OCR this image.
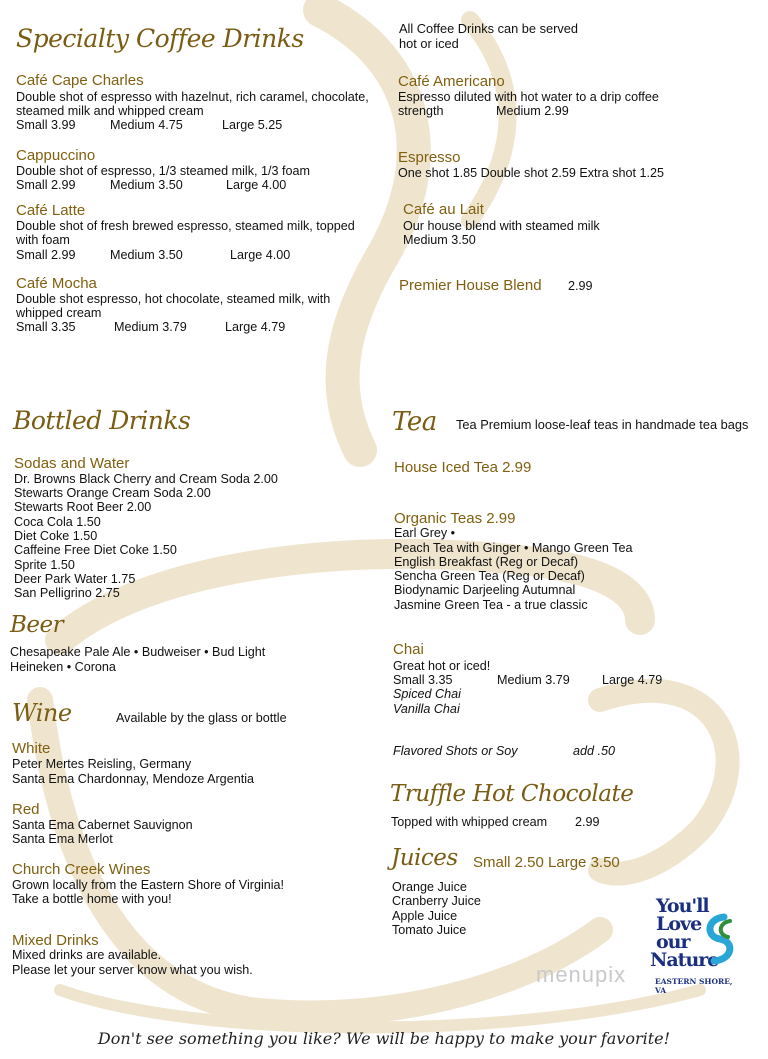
Specialty Coffee Drinks	All Coffee Drinks can be served
hot or iced
Café Cape Charles
Double shot of espresso with hazelnut, rich caramel, chocolate,
steamed milk and whipped cream
Small 3.99	Medium 4.75	Large 5.25
Cappuccino
Double shot of espresso, 1/3 steamed milk, 1/3 foam
Small 2.99	Medium 3.50	Large 4.00
Café Latte
Double shot of fresh brewed espresso, steamed milk, topped
with foam
Small 2.99	Medium 3.50	Large 4.00
Café Mocha
Double shot espresso, hot chocolate, steamed milk, with
whipped cream
Small 3.35	Medium 3.79	Large 4.79
Café Americano
Espresso diluted with hot water to a drip coffee
strength	Medium 2.99
Espresso
One shot 1.85 Double shot 2.59 Extra shot 1.25
Café au Lait
Our house blend with steamed milk
Medium 3.50
Premier House Blend 2.99
Bottled Drinks
Sodas and Water
Dr. Browns Black Cherry and Cream Soda 2.00
Stewarts Orange Cream Soda 2.00
Stewarts Root Beer 2.00
Coca Cola 1.50
Diet Coke 1.50
Caffeine Free Diet Coke 1.50
Sprite 1.50
Deer Park Water 1.75
San Pelligrino 2.75
Beer
Chesapeake Pale Ale • Budweiser • Bud Light
Heineken • Corona
Wine	Available by the glass or bottle
White
Peter Mertes Reisling, Germany
Santa Ema Chardonnay, Mendoze Argentia
Red
Santa Ema Cabernet Sauvignon
Santa Ema Merlot
Church Creek Wines
Grown locally from the Eastern Shore of Virginia!
Take a bottle home with you!
Mixed Drinks
Mixed drinks are available.
Please let your server know what you wish.
Tea Tea Premium loose-leaf teas in handmade tea bags
House Iced Tea 2.99
Organic Teas 2.99
Earl Grey •
Peach Tea with Ginger • Mango Green Tea
English Breakfast (Reg or Decaf)
Sencha Green Tea (Reg or Decaf)
Biodynamic Darjeeling Autumnal
Jasmine Green Tea - a true classic
Chai
Great hot or iced!
Small 3.35	Medium 3.79	Large 4.79
Spiced Chai
Vanilla Chai
Flavored Shots or Soy	add .50
Truffle Hot Chocolate
Topped with whipped cream 2.99
Juices Small 2.50 Large 3.50
Orange Juice
Cranberry Juice
Apple Juice
Tomato Juice
You'll
Love
our
Nature
EASTERN SHORE, VA
menupix
Don't see something you like? We will be happy to make your favorite!
